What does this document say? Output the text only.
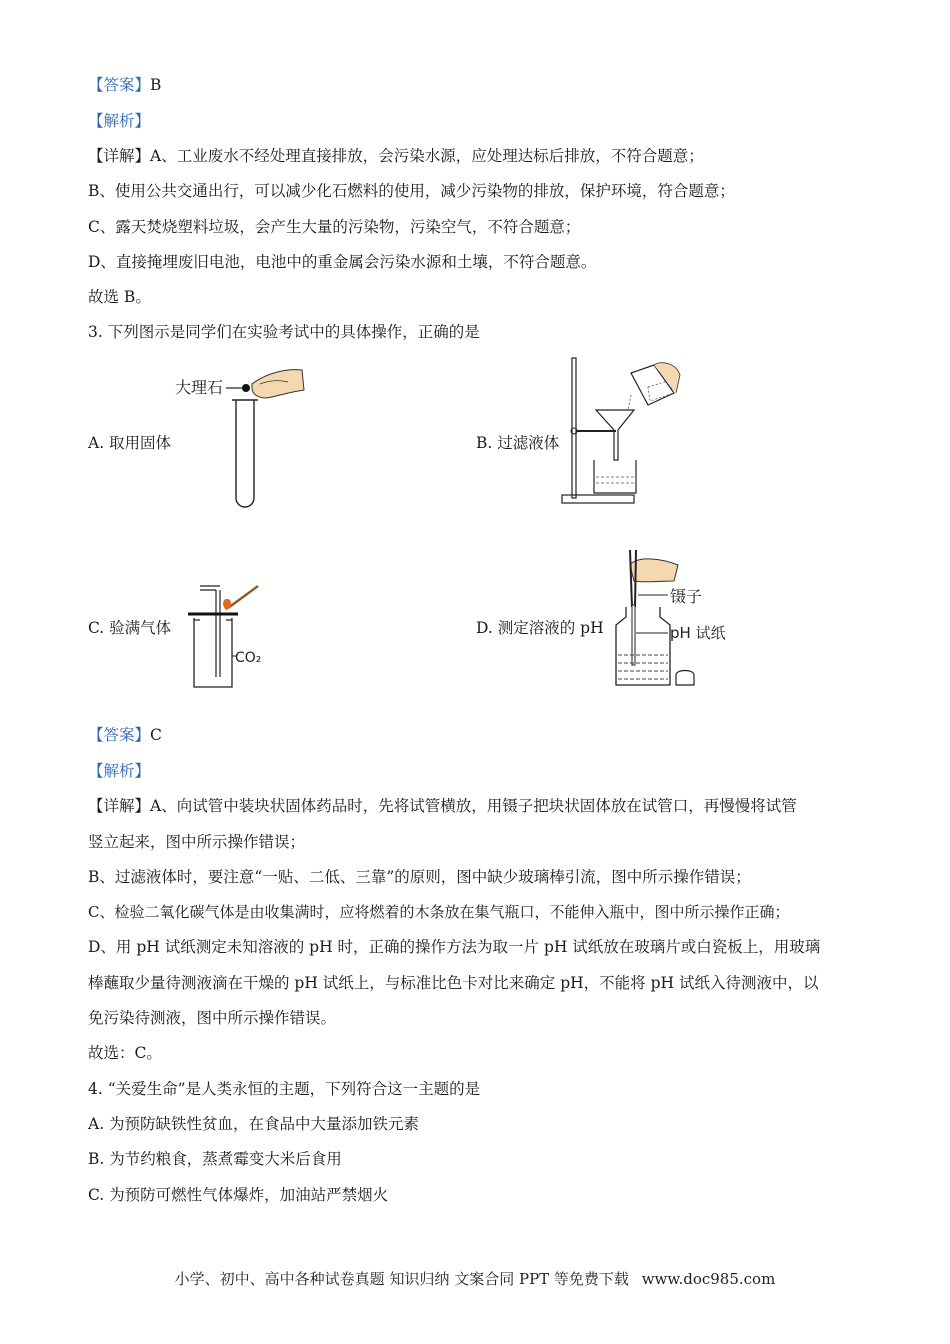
【答案】B
【解析】
【详解】A、工业废水不经处理直接排放，会污染水源，应处理达标后排放，不符合题意；
B、使用公共交通出行，可以减少化石燃料的使用，减少污染物的排放，保护环境，符合题意；
C、露天焚烧塑料垃圾，会产生大量的污染物，污染空气，不符合题意；
D、直接掩埋废旧电池，电池中的重金属会污染水源和土壤，不符合题意。
故选 B。
3. 下列图示是同学们在实验考试中的具体操作，正确的是
A. 取用固体	B. 过滤液体
C. 验满气体	D. 测定溶液的 pH
大理石
CO₂
镊子
pH 试纸
【答案】C
【解析】
【详解】A、向试管中装块状固体药品时，先将试管横放，用镊子把块状固体放在试管口，再慢慢将试管
竖立起来，图中所示操作错误；
B、过滤液体时，要注意“一贴、二低、三靠”的原则，图中缺少玻璃棒引流，图中所示操作错误；
C、检验二氧化碳气体是由收集满时，应将燃着的木条放在集气瓶口，不能伸入瓶中，图中所示操作正确；
D、用 pH 试纸测定未知溶液的 pH 时，正确的操作方法为取一片 pH 试纸放在玻璃片或白瓷板上，用玻璃
棒蘸取少量待测液滴在干燥的 pH 试纸上，与标准比色卡对比来确定 pH，不能将 pH 试纸入待测液中，以
免污染待测液，图中所示操作错误。
故选：C。
4. “关爱生命”是人类永恒的主题，下列符合这一主题的是
A. 为预防缺铁性贫血，在食品中大量添加铁元素
B. 为节约粮食，蒸煮霉变大米后食用
C. 为预防可燃性气体爆炸，加油站严禁烟火
小学、初中、高中各种试卷真题 知识归纳 文案合同 PPT 等免费下载 www.doc985.com
